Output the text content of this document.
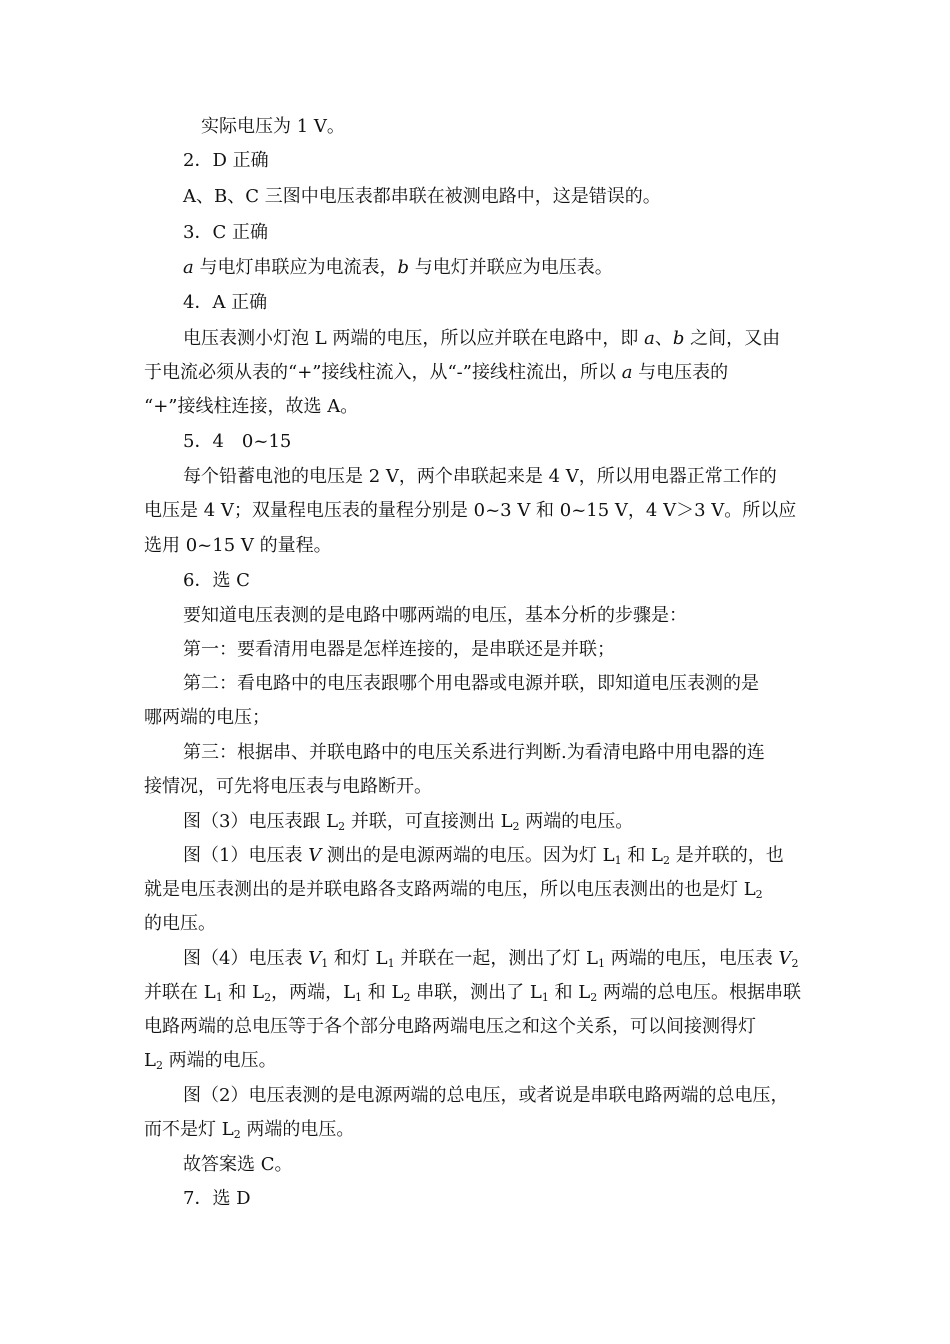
实际电压为 1 V。
2．D 正确
A、B、C 三图中电压表都串联在被测电路中，这是错误的。
3．C 正确
a 与电灯串联应为电流表，b 与电灯并联应为电压表。
4．A 正确
电压表测小灯泡 L 两端的电压，所以应并联在电路中，即 a、b 之间，又由
于电流必须从表的“+”接线柱流入，从“-”接线柱流出，所以 a 与电压表的
“+”接线柱连接，故选 A。
5．4　0~15
每个铅蓄电池的电压是 2 V，两个串联起来是 4 V，所以用电器正常工作的
电压是 4 V；双量程电压表的量程分别是 0~3 V 和 0~15 V，4 V＞3 V。所以应
选用 0~15 V 的量程。
6．选 C
要知道电压表测的是电路中哪两端的电压，基本分析的步骤是：
第一：要看清用电器是怎样连接的，是串联还是并联；
第二：看电路中的电压表跟哪个用电器或电源并联，即知道电压表测的是
哪两端的电压；
第三：根据串、并联电路中的电压关系进行判断.为看清电路中用电器的连
接情况，可先将电压表与电路断开。
图（3）电压表跟 $L_2$ 并联，可直接测出 $L_2$ 两端的电压。
图（1）电压表 V 测出的是电源两端的电压。因为灯 $L_1$ 和 $L_2$ 是并联的，也
就是电压表测出的是并联电路各支路两端的电压，所以电压表测出的也是灯 $L_2$
的电压。
图（4）电压表 $V_1$ 和灯 $L_1$ 并联在一起，测出了灯 $L_1$ 两端的电压，电压表 $V_2$
并联在 $L_1$ 和 $L_2$，两端，$L_1$ 和 $L_2$ 串联，测出了 $L_1$ 和 $L_2$ 两端的总电压。根据串联
电路两端的总电压等于各个部分电路两端电压之和这个关系，可以间接测得灯
$L_2$ 两端的电压。
图（2）电压表测的是电源两端的总电压，或者说是串联电路两端的总电压，
而不是灯 $L_2$ 两端的电压。
故答案选 C。
7．选 D
